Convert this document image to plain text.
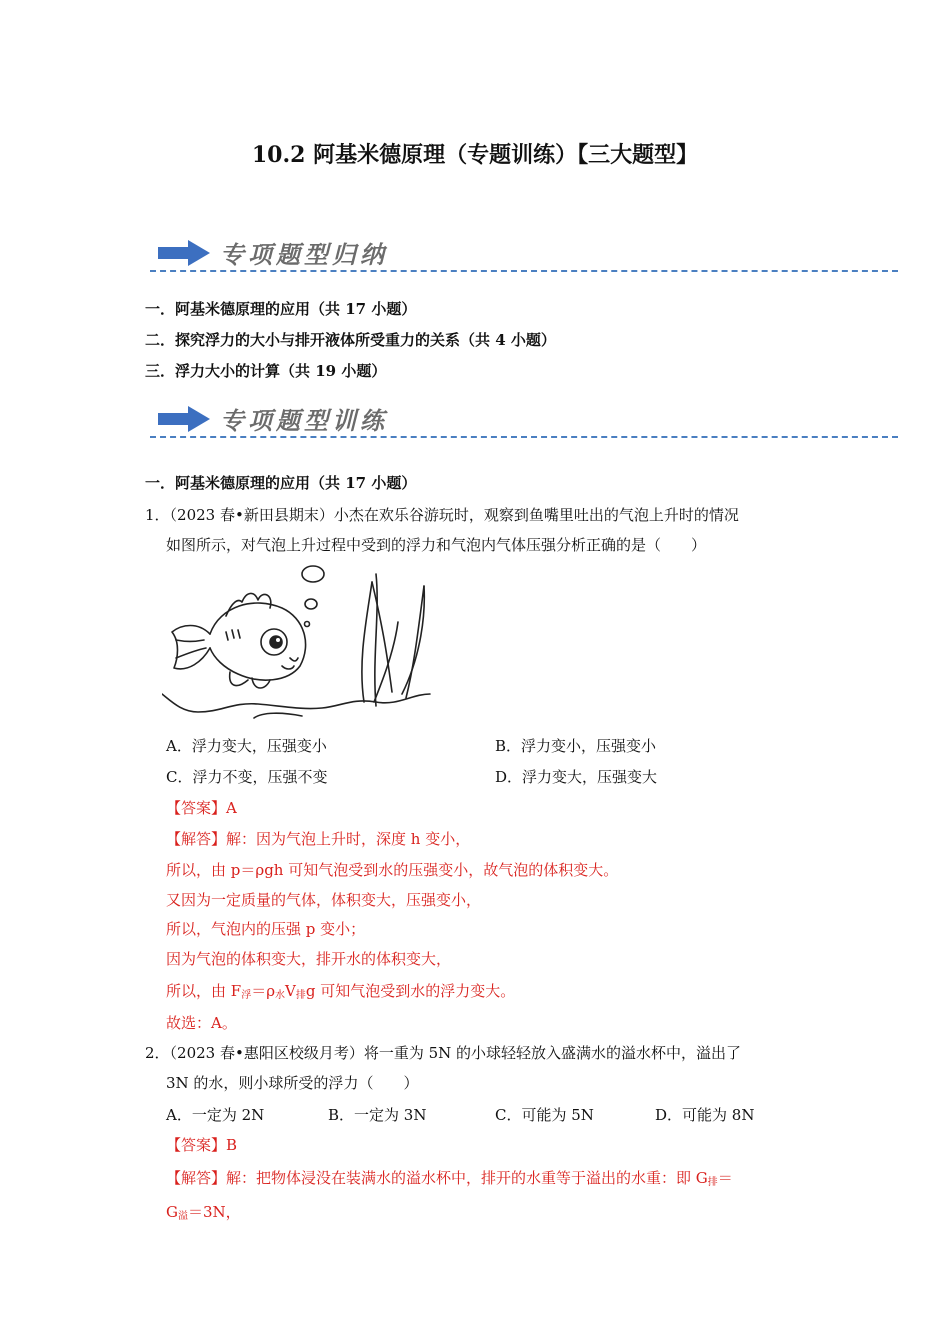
10.2 阿基米德原理（专题训练）【三大题型】
专项题型归纳
一．阿基米德原理的应用（共 17 小题）
二．探究浮力的大小与排开液体所受重力的关系（共 4 小题）
三．浮力大小的计算（共 19 小题）
专项题型训练
一．阿基米德原理的应用（共 17 小题）
1．（2023 春•新田县期末）小杰在欢乐谷游玩时，观察到鱼嘴里吐出的气泡上升时的情况
如图所示，对气泡上升过程中受到的浮力和气泡内气体压强分析正确的是（　　）
A．浮力变大，压强变小	B．浮力变小，压强变小
C．浮力不变，压强不变	D．浮力变大，压强变大
【答案】A
【解答】解：因为气泡上升时，深度 h 变小，
所以，由 p＝ρgh 可知气泡受到水的压强变小，故气泡的体积变大。
又因为一定质量的气体，体积变大，压强变小，
所以，气泡内的压强 p 变小；
因为气泡的体积变大，排开水的体积变大，
所以，由 $F_浮=\rho_水V_排g$ 可知气泡受到水的浮力变大。
故选：A。
2．（2023 春•惠阳区校级月考）将一重为 5N 的小球轻轻放入盛满水的溢水杯中，溢出了
3N 的水，则小球所受的浮力（　　）
A．一定为 2N	B．一定为 3N	C．可能为 5N	D．可能为 8N
【答案】B
【解答】解：把物体浸没在装满水的溢水杯中，排开的水重等于溢出的水重：即 $G_排=$
$G_溢=3N$，
